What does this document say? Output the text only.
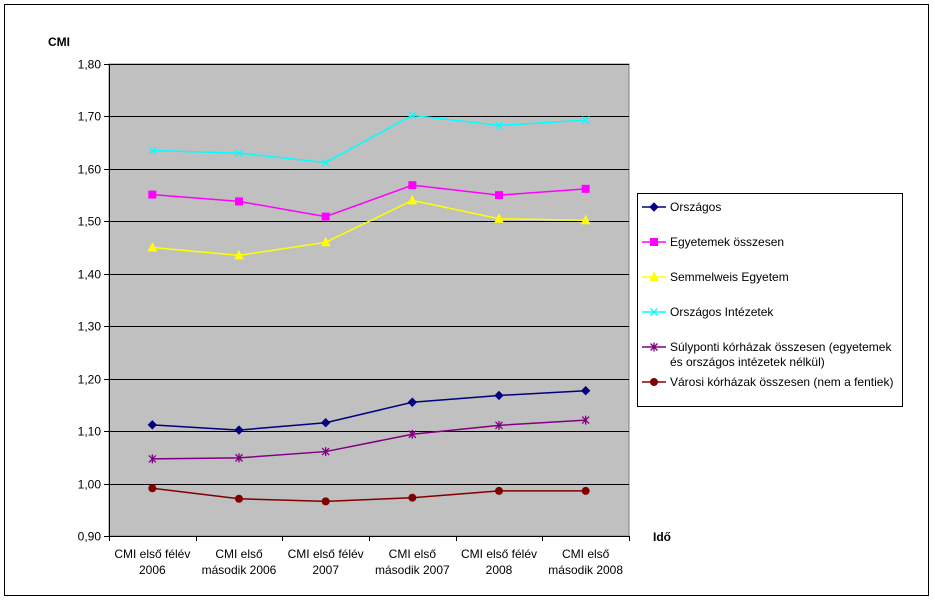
CMI
Idő
0,90
1,00
1,10
1,20
1,30
1,40
1,50
1,60
1,70
1,80
CMI első félév 2006
CMI első második 2006
CMI első félév 2007
CMI első második 2007
CMI első félév 2008
CMI első második 2008
Országos
Egyetemek összesen
Semmelweis Egyetem
Országos Intézetek
Súlyponti kórházak összesen (egyetemek és országos intézetek nélkül)
Városi kórházak összesen (nem a fentiek)
